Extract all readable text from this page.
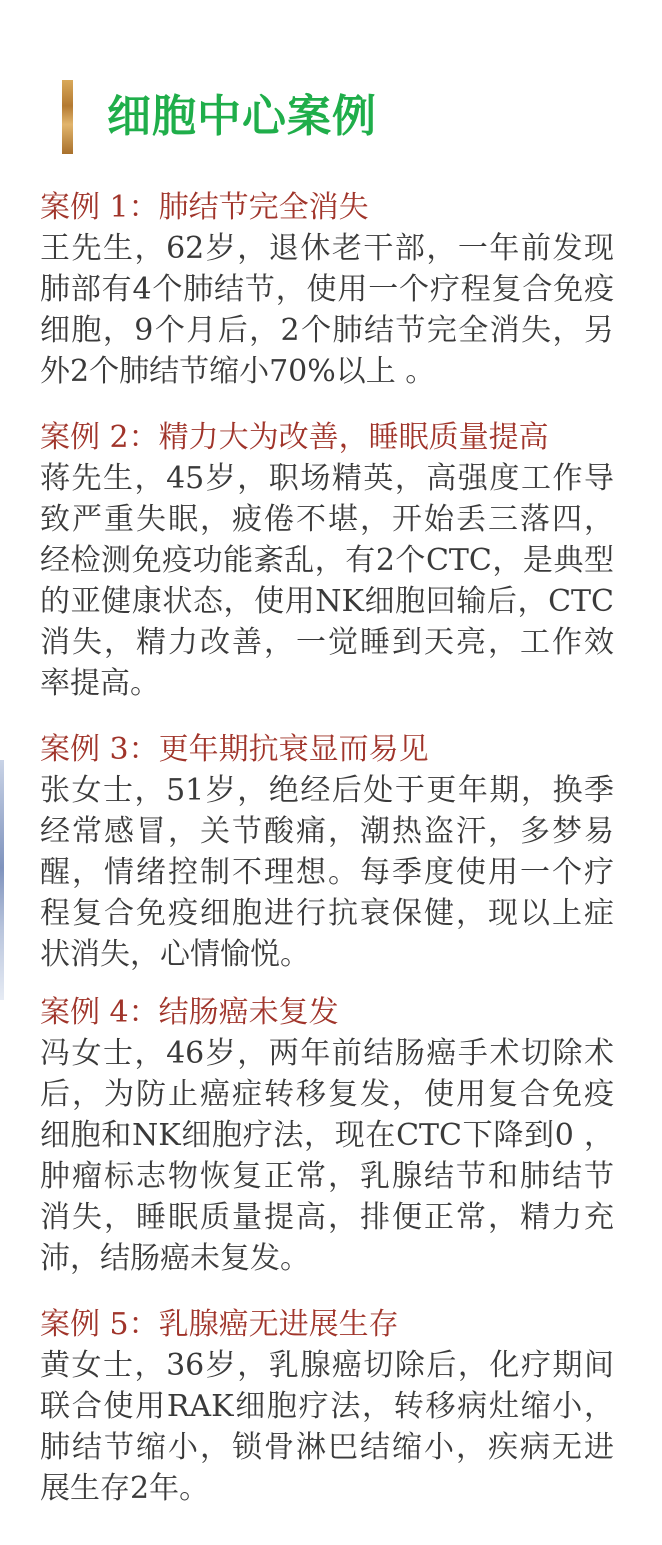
细胞中心案例
案例 1：肺结节完全消失
王先生，62岁，退休老干部，一年前发现
肺部有4个肺结节，使用一个疗程复合免疫
细胞，9个月后，2个肺结节完全消失，另
外2个肺结节缩小70%以上 。
案例 2：精力大为改善，睡眠质量提高
蒋先生，45岁，职场精英，高强度工作导
致严重失眠，疲倦不堪，开始丢三落四，
经检测免疫功能紊乱，有2个CTC，是典型
的亚健康状态，使用NK细胞回输后，CTC
消失，精力改善，一觉睡到天亮，工作效
率提高。
案例 3：更年期抗衰显而易见
张女士，51岁，绝经后处于更年期，换季
经常感冒，关节酸痛，潮热盗汗，多梦易
醒，情绪控制不理想。每季度使用一个疗
程复合免疫细胞进行抗衰保健，现以上症
状消失，心情愉悦。
案例 4：结肠癌未复发
冯女士，46岁，两年前结肠癌手术切除术
后，为防止癌症转移复发，使用复合免疫
细胞和NK细胞疗法，现在CTC下降到0 ，
肿瘤标志物恢复正常，乳腺结节和肺结节
消失，睡眠质量提高，排便正常，精力充
沛，结肠癌未复发。
案例 5：乳腺癌无进展生存
黄女士，36岁，乳腺癌切除后，化疗期间
联合使用RAK细胞疗法，转移病灶缩小，
肺结节缩小，锁骨淋巴结缩小，疾病无进
展生存2年。
